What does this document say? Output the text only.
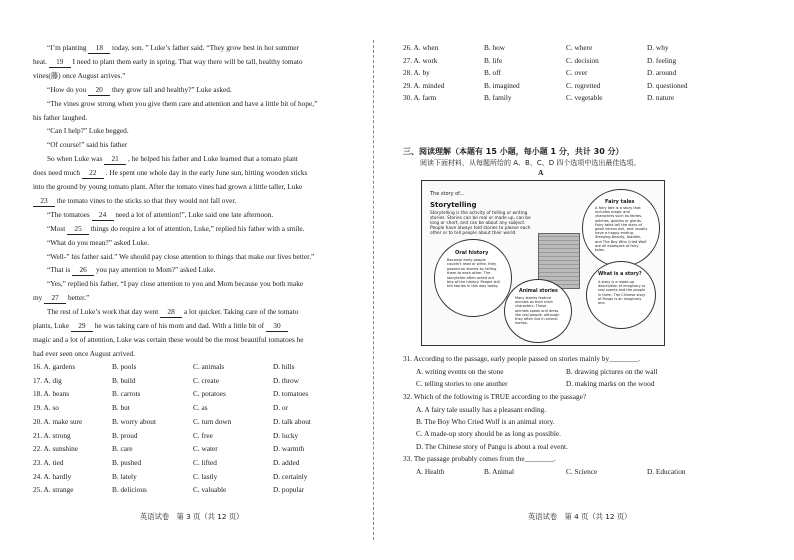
“I’m planting 18 today, son. ” Luke’s father said. “They grow best in hot summer
heat. 19 I need to plant them early in spring. That way there will be tall, healthy tomato
vines(藤) once August arrives.”
“How do you 20 they grow tall and healthy?” Luke asked.
“The vines grow strong when you give them care and attention and have a little bit of hope,”
his father laughed.
“Can I help?” Luke begged.
“Of course!” said his father
So when Luke was 21 , he helped his father and Luke learned that a tomato plant
does need much 22 . He spent one whole day in the early June sun, hitting wooden sticks
into the ground by young tomato plant. After the tomato vines had grown a little taller, Luke
23 the tomato vines to the sticks so that they would not fall over.
“The tomatoes 24 need a lot of attention!”, Luke said one late afternoon.
“Most 25 things do require a lot of attention, Luke,” replied his father with a smile.
“What do you mean?” asked Luke.
“Well-” his father said.” We should pay close attention to things that make our lives better.”
“That is 26 you pay attention to Mom?” asked Luke.
“Yes,” replied his father, “I pay close attention to you and Mom because you both make
my 27 better.”
The rest of Luke’s work that day went 28 a lot quicker. Taking care of the tomato
plants, Luke 29 he was taking care of his mom and dad. With a little bit of 30
magic and a lot of attention, Luke was certain these would be the most beautiful tomatoes he
had ever seen once August arrived.
16. A. gardens	B. pools	C. animals	D. hills
17. A. dig	B. build	C. create	D. throw
18. A. beans	B. carrots	C. potatoes	D. tomatoes
19. A. so	B. but	C. as	D. or
20. A. make sure	B. worry about	C. turn down	D. talk about
21. A. strong	B. proud	C. free	D. lucky
22. A. sunshine	B. care	C. water	D. warmth
23. A. tied	B. pushed	C. lifted	D. added
24. A. hardly	B. lately	C. lastly	D. certainly
25. A. strange	B. delicious	C. valuable	D. popular
26. A. when	B. how	C. where	D. why
27. A. work	B. life	C. decision	D. feeling
28. A. by	B. off	C. over	D. around
29. A. minded	B. imagined	C. regretted	D. questioned
30. A. farm	B. family	C. vegetable	D. nature
31. According to the passage, early people passed on stories mainly by________.
A. writing events on the stone	B. drawing pictures on the wall
C. telling stories to one another	D. making marks on the wood
32. Which of the following is TRUE according to the passage?
A. A fairy tale usually has a pleasant ending.
B. The Boy Who Cried Wolf is an animal story.
C. A made-up story should be as long as possible.
D. The Chinese story of Pangu is about a real event.
33. The passage probably comes from the________.
A. Health	B. Animal	C. Science	D. Education
三、阅读理解（本题有 15 小题，每小题 1 分，共计 30 分）
阅读下面材料，从每题所给的 A、B、C、D 四个选项中选出最佳选项。
A
The story of...
Storytelling
Storytelling is the activity of telling or writing stories. Stories can be real or made up, can be long or short, and can be about any subject. People have always told stories to please each other or to tell people about their world.
Fairy tales
A fairy tale is a story that includes magic and characters such as fairies, witches, goblins or giants. Fairy tales tell the story of good versus evil, and usually have a happy ending. Sleeping Beauty, Aladdin, and The Boy Who Cried Wolf are all examples of fairy tales.
Oral history
Because early people couldn’t read or write, they passed on stories by telling them to each other. The storyteller often acted out bits of the history. People still tell stories in this way today.
Animal stories
Many stories feature animals as their main characters. These animals speak and dress like real people, although they often live in animal homes.
What is a story?
A story is a made-up description of imaginary or real events and the people in them. The Chinese story of Pangu is an imaginary one.
英语试卷　第 3 页（共 12 页）	英语试卷　第 4 页（共 12 页）
